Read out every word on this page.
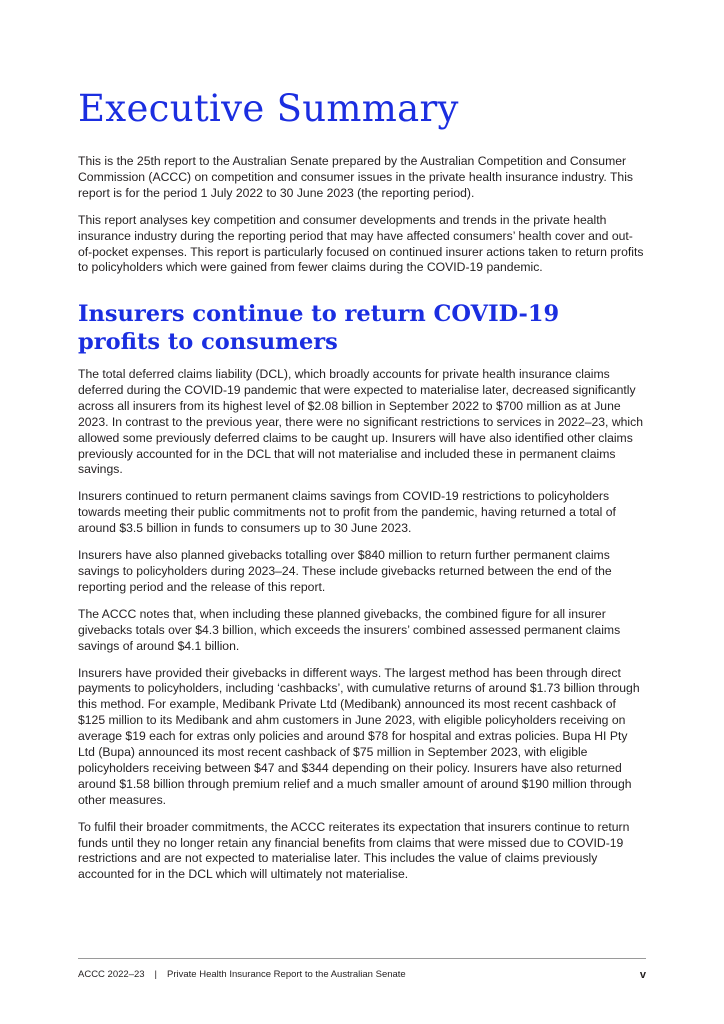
Executive Summary

This is the 25th report to the Australian Senate prepared by the Australian Competition and Consumer Commission (ACCC) on competition and consumer issues in the private health insurance industry. This report is for the period 1 July 2022 to 30 June 2023 (the reporting period).

This report analyses key competition and consumer developments and trends in the private health insurance industry during the reporting period that may have affected consumers’ health cover and out-of-pocket expenses. This report is particularly focused on continued insurer actions taken to return profits to policyholders which were gained from fewer claims during the COVID-19 pandemic.

Insurers continue to return COVID-19 profits to consumers

The total deferred claims liability (DCL), which broadly accounts for private health insurance claims deferred during the COVID-19 pandemic that were expected to materialise later, decreased significantly across all insurers from its highest level of $2.08 billion in September 2022 to $700 million as at June 2023. In contrast to the previous year, there were no significant restrictions to services in 2022–23, which allowed some previously deferred claims to be caught up. Insurers will have also identified other claims previously accounted for in the DCL that will not materialise and included these in permanent claims savings.

Insurers continued to return permanent claims savings from COVID-19 restrictions to policyholders towards meeting their public commitments not to profit from the pandemic, having returned a total of around $3.5 billion in funds to consumers up to 30 June 2023.

Insurers have also planned givebacks totalling over $840 million to return further permanent claims savings to policyholders during 2023–24. These include givebacks returned between the end of the reporting period and the release of this report.

The ACCC notes that, when including these planned givebacks, the combined figure for all insurer givebacks totals over $4.3 billion, which exceeds the insurers’ combined assessed permanent claims savings of around $4.1 billion.

Insurers have provided their givebacks in different ways. The largest method has been through direct payments to policyholders, including ‘cashbacks’, with cumulative returns of around $1.73 billion through this method. For example, Medibank Private Ltd (Medibank) announced its most recent cashback of $125 million to its Medibank and ahm customers in June 2023, with eligible policyholders receiving on average $19 each for extras only policies and around $78 for hospital and extras policies. Bupa HI Pty Ltd (Bupa) announced its most recent cashback of $75 million in September 2023, with eligible policyholders receiving between $47 and $344 depending on their policy. Insurers have also returned around $1.58 billion through premium relief and a much smaller amount of around $190 million through other measures.

To fulfil their broader commitments, the ACCC reiterates its expectation that insurers continue to return funds until they no longer retain any financial benefits from claims that were missed due to COVID-19 restrictions and are not expected to materialise later. This includes the value of claims previously accounted for in the DCL which will ultimately not materialise.

ACCC 2022–23 | Private Health Insurance Report to the Australian Senate	v
